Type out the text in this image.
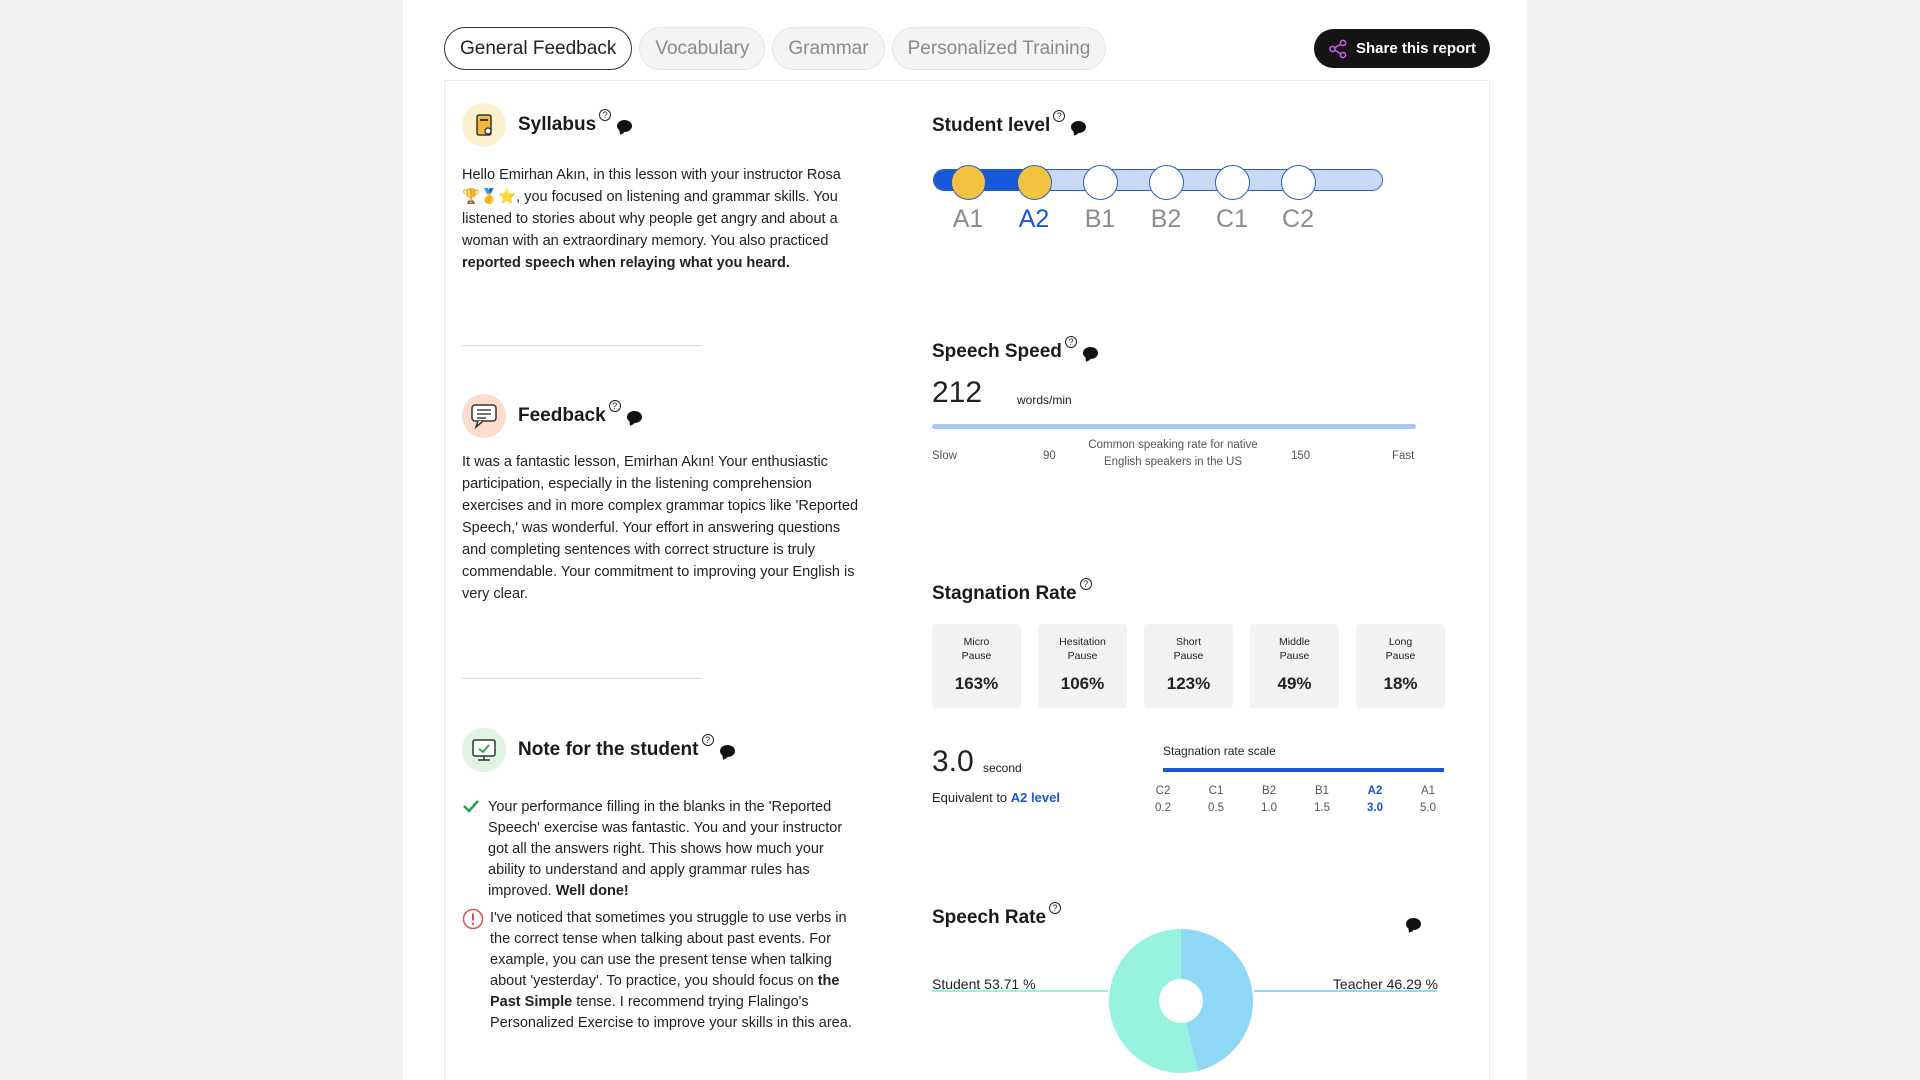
General Feedback	Vocabulary	Grammar	Personalized Training	Share this report
Syllabus ?

Hello Emirhan Akın, in this lesson with your instructor Rosa 🏆🥇⭐, you focused on listening and grammar skills. You listened to stories about why people get angry and about a woman with an extraordinary memory. You also practiced reported speech when relaying what you heard.

Feedback ?

It was a fantastic lesson, Emirhan Akın! Your enthusiastic participation, especially in the listening comprehension exercises and in more complex grammar topics like 'Reported Speech,' was wonderful. Your effort in answering questions and completing sentences with correct structure is truly commendable. Your commitment to improving your English is very clear.

Note for the student ?

Your performance filling in the blanks in the 'Reported Speech' exercise was fantastic. You and your instructor got all the answers right. This shows how much your ability to understand and apply grammar rules has improved. Well done!

I've noticed that sometimes you struggle to use verbs in the correct tense when talking about past events. For example, you can use the present tense when talking about 'yesterday'. To practice, you should focus on the Past Simple tense. I recommend trying Flalingo's Personalized Exercise to improve your skills in this area.

Student level ?
A1	A2	B1	B2	C1	C2
Speech Speed ?
212	words/min
Slow	90
Common speaking rate for native
English speakers in the US	150	Fast
Stagnation Rate ?
Micro
Pause
163%
Hesitation
Pause
106%
Short
Pause
123%
Middle
Pause
49%
Long
Pause
18%
3.0 second
Equivalent to A2 level
Stagnation rate scale
C2
0.2
C1
0.5
B2
1.0
B1
1.5
A2
3.0
A1
5.0
Speech Rate ?
Student 53.71 %	Teacher 46.29 %
